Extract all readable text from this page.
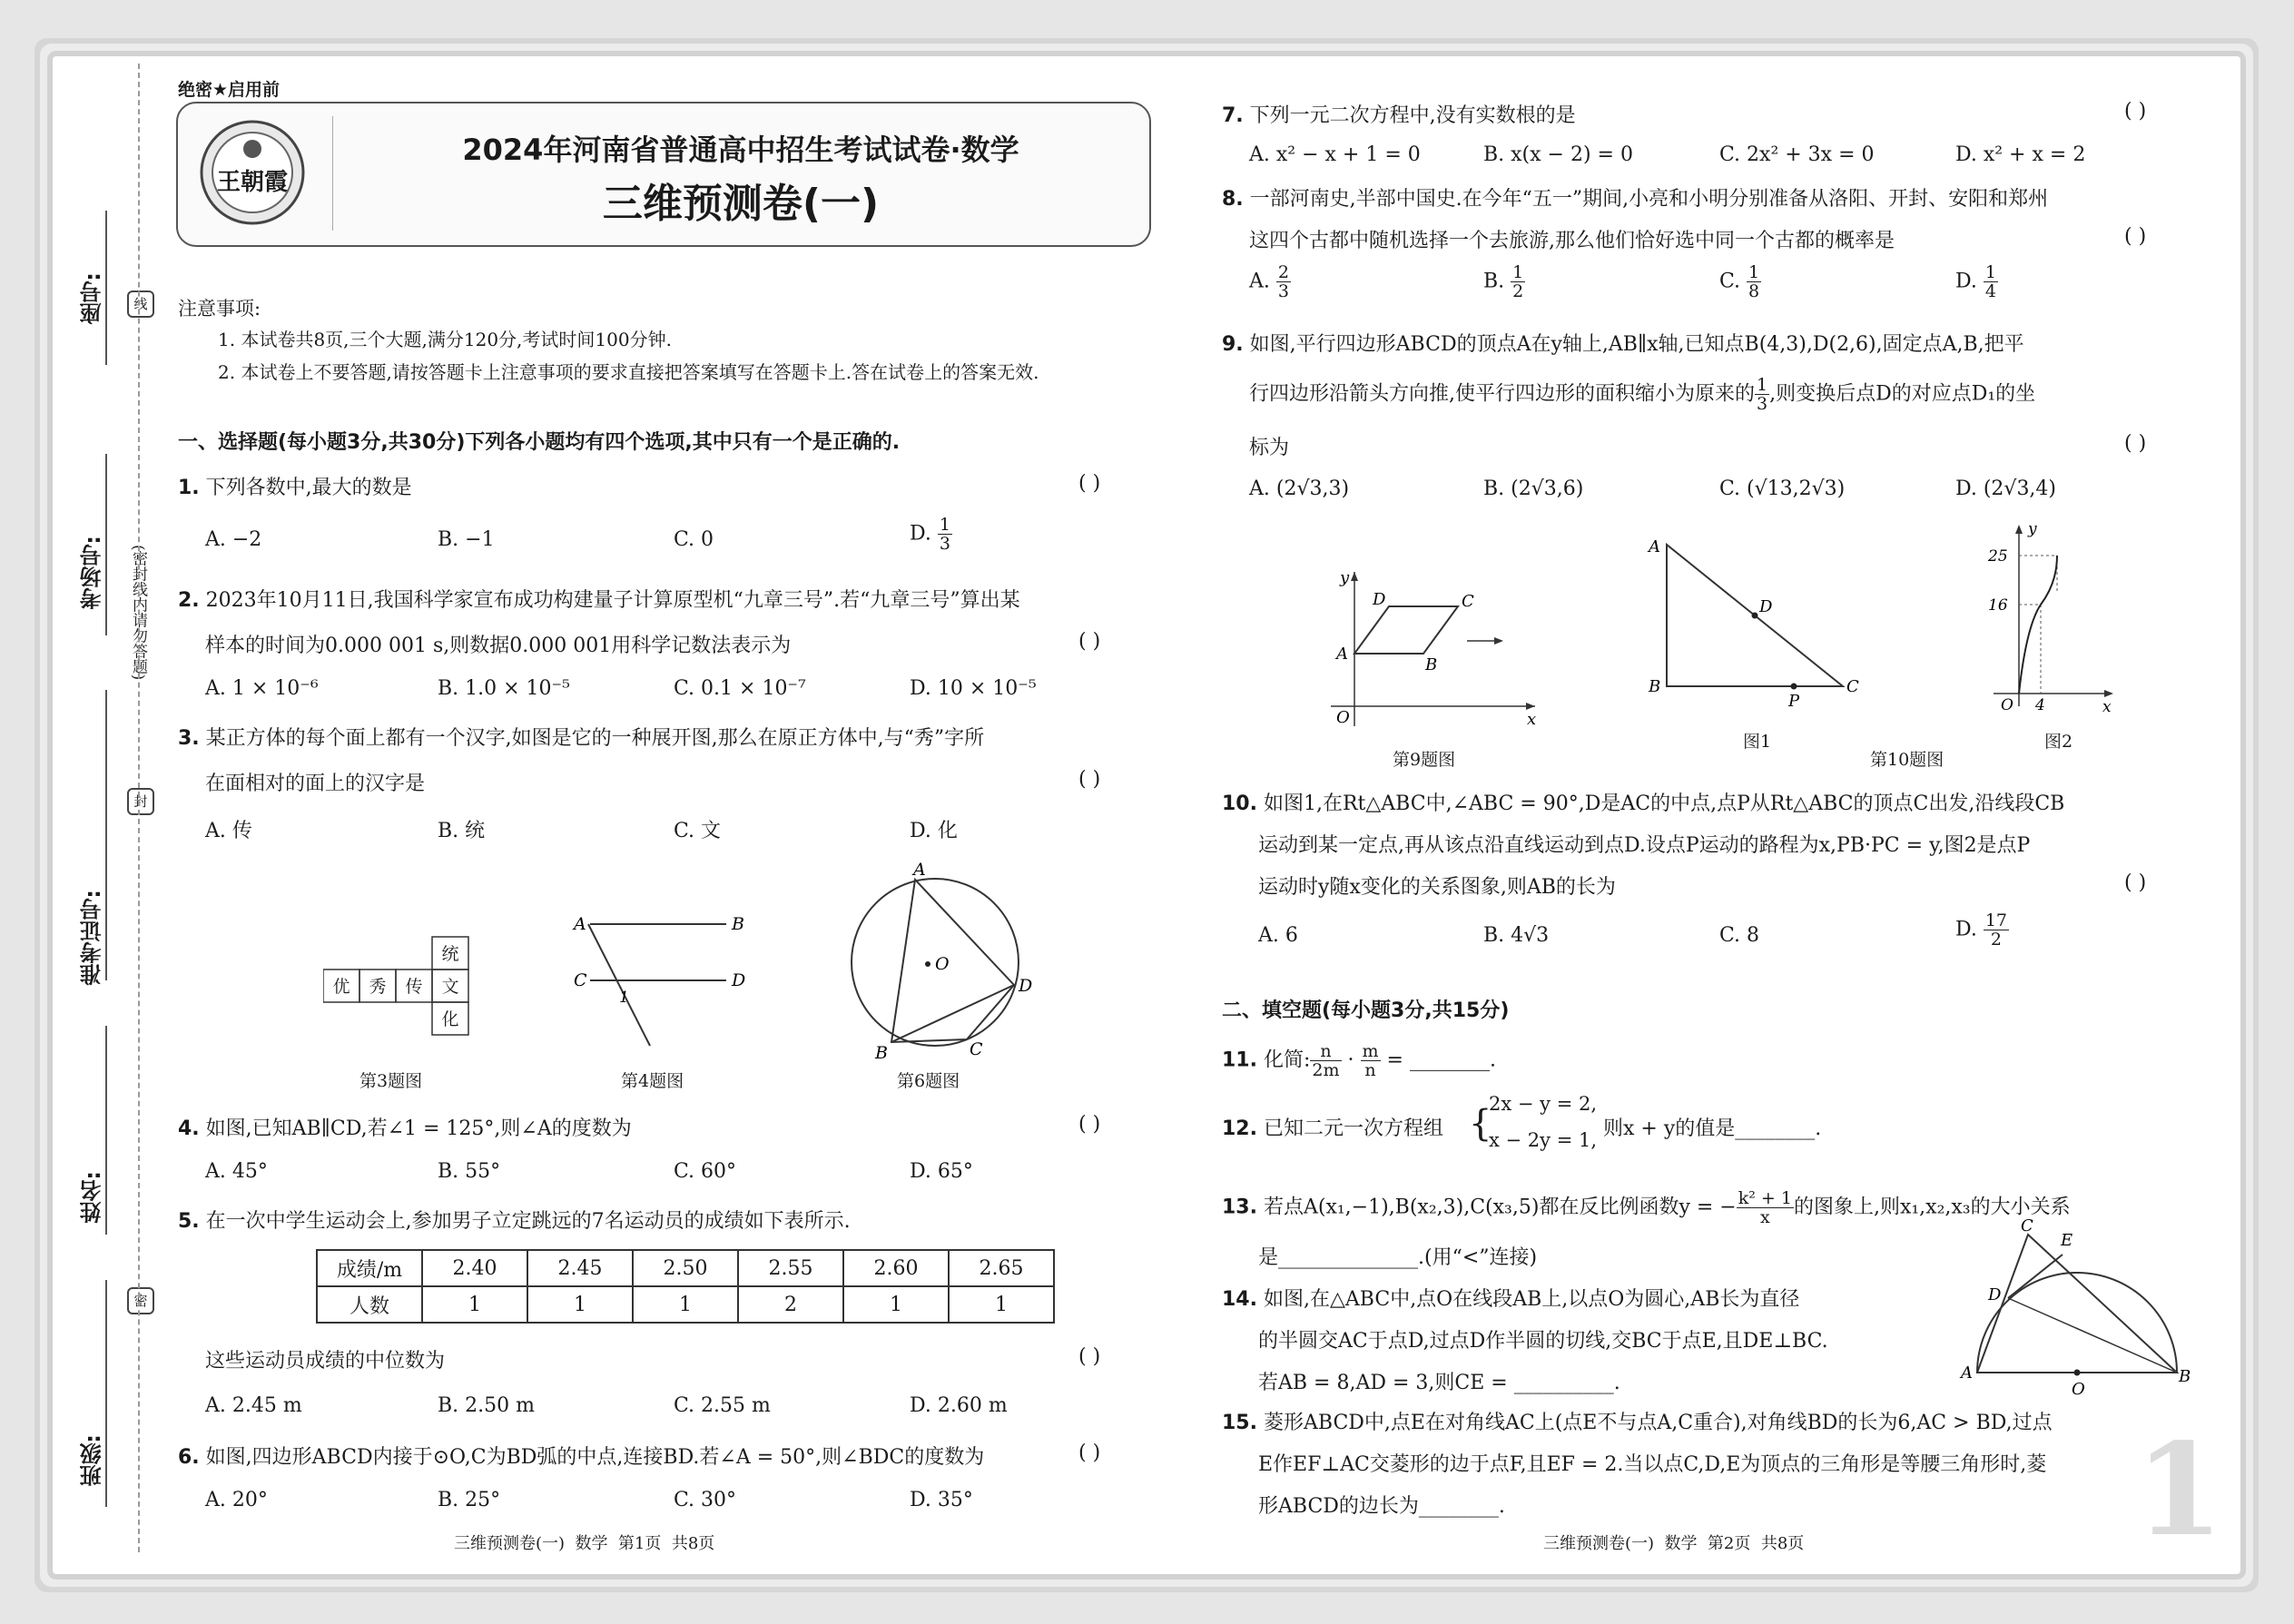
座号:
考场号:
准考证号:
姓名:
班级:
线
(密封线内请勿答题)
封
密
绝密★启用前
王朝霞
2024年河南省普通高中招生考试试卷·数学
三维预测卷(一)
注意事项:
1. 本试卷共8页,三个大题,满分120分,考试时间100分钟.
2. 本试卷上不要答题,请按答题卡上注意事项的要求直接把答案填写在答题卡上.答在试卷上的答案无效.
一、选择题(每小题3分,共30分)下列各小题均有四个选项,其中只有一个是正确的.
1. 下列各数中,最大的数是	( )
A. −2	B. −1	C. 0	D. $\frac{1}{3}$
2. 2023年10月11日,我国科学家宣布成功构建量子计算原型机“九章三号”.若“九章三号”算出某
样本的时间为0.000 001 s,则数据0.000 001用科学记数法表示为	( )
A. 1 × 10⁻⁶	B. 1.0 × 10⁻⁵	C. 0.1 × 10⁻⁷	D. 10 × 10⁻⁵
3. 某正方体的每个面上都有一个汉字,如图是它的一种展开图,那么在原正方体中,与“秀”字所
在面相对的面上的汉字是	( )
A. 传	B. 统	C. 文	D. 化
优	秀	传
统
文
化
第3题图
A	B
C	D
1
第4题图
A
O
D
B	C
第6题图
4. 如图,已知AB∥CD,若∠1 = 125°,则∠A的度数为	( )
A. 45°	B. 55°	C. 60°	D. 65°
5. 在一次中学生运动会上,参加男子立定跳远的7名运动员的成绩如下表所示.
成绩/m	2.40	2.45	2.50	2.55	2.60	2.65
人数	1	1	1	2	1	1
这些运动员成绩的中位数为	( )
A. 2.45 m	B. 2.50 m	C. 2.55 m	D. 2.60 m
6. 如图,四边形ABCD内接于⊙O,C为BD弧的中点,连接BD.若∠A = 50°,则∠BDC的度数为	( )
A. 20°	B. 25°	C. 30°	D. 35°
三维预测卷(一)  数学  第1页  共8页
7. 下列一元二次方程中,没有实数根的是	( )
A. x² − x + 1 = 0	B. x(x − 2) = 0	C. 2x² + 3x = 0	D. x² + x = 2
8. 一部河南史,半部中国史.在今年“五一”期间,小亮和小明分别准备从洛阳、开封、安阳和郑州
这四个古都中随机选择一个去旅游,那么他们恰好选中同一个古都的概率是	( )
A. $\frac{2}{3}$	B. $\frac{1}{2}$	C. $\frac{1}{8}$	D. $\frac{1}{4}$
9. 如图,平行四边形ABCD的顶点A在y轴上,AB∥x轴,已知点B(4,3),D(2,6),固定点A,B,把平
行四边形沿箭头方向推,使平行四边形的面积缩小为原来的 $\frac{1}{3}$ ,则变换后点D的对应点D₁的坐
标为	( )
A. (2√3,3)	B. (2√3,6)	C. (√13,2√3)	D. (2√3,4)
y
D	C
A
B
O	x
第9题图
A
D
B
P
C
图1
y
25
16
O 4	x
图2
第10题图
10. 如图1,在Rt△ABC中,∠ABC = 90°,D是AC的中点,点P从Rt△ABC的顶点C出发,沿线段CB
运动到某一定点,再从该点沿直线运动到点D.设点P运动的路程为x,PB·PC = y,图2是点P
运动时y随x变化的关系图象,则AB的长为	( )
A. 6	B. 4√3	C. 8	D. $\frac{17}{2}$
二、填空题(每小题3分,共15分)
11. 化简: $\frac{n}{2m} \cdot \frac{m}{n}$ = ________.
12. 已知二元一次方程组 {
2x − y = 2,
x − 2y = 1, 则x + y的值是________.
13. 若点A(x₁,−1),B(x₂,3),C(x₃,5)都在反比例函数y = − $\frac{\text{k² + 1}}{x}$ 的图象上,则x₁,x₂,x₃的大小关系
是______________.(用“<”连接)
14. 如图,在△ABC中,点O在线段AB上,以点O为圆心,AB长为直径
的半圆交AC于点D,过点D作半圆的切线,交BC于点E,且DE⊥BC.
若AB = 8,AD = 3,则CE = __________.
C
E
D
A
O
B
15. 菱形ABCD中,点E在对角线AC上(点E不与点A,C重合),对角线BD的长为6,AC > BD,过点
E作EF⊥AC交菱形的边于点F,且EF = 2.当以点C,D,E为顶点的三角形是等腰三角形时,菱
形ABCD的边长为________.
三维预测卷(一)  数学  第2页  共8页	1
